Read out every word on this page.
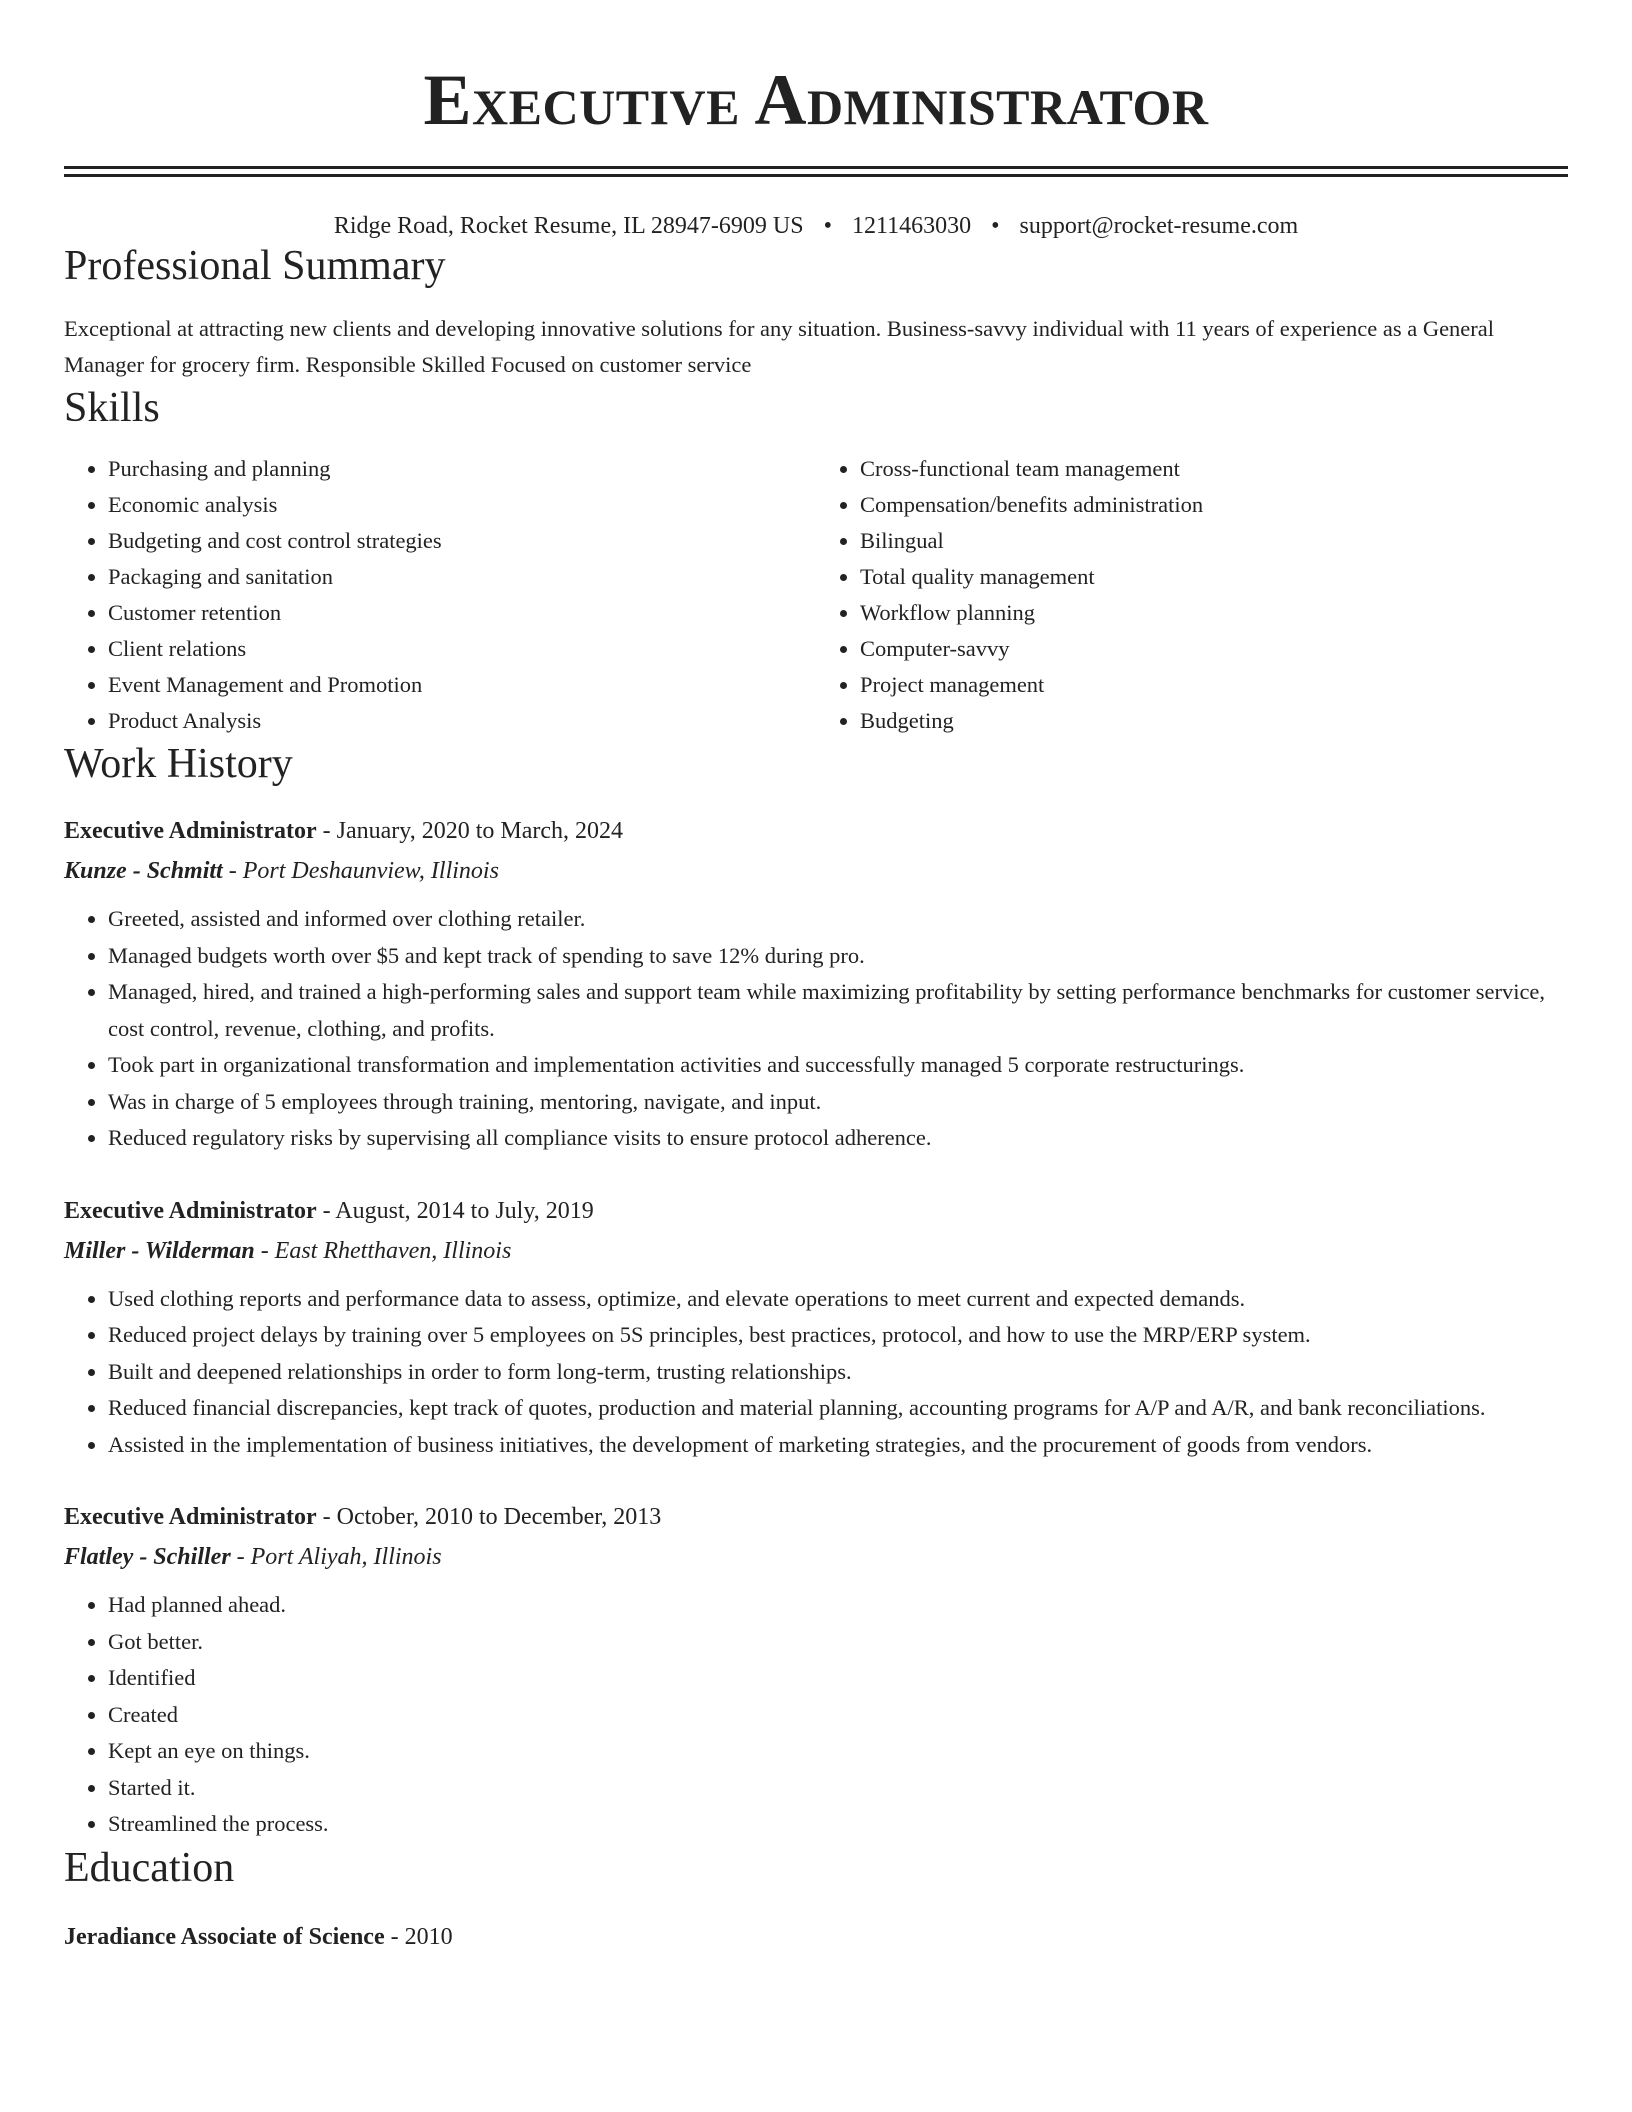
Executive Administrator
Ridge Road, Rocket Resume, IL 28947-6909 US • 1211463030 • support@rocket-resume.com
Professional Summary
Exceptional at attracting new clients and developing innovative solutions for any situation. Business-savvy individual with 11 years of experience as a General Manager for grocery firm. Responsible Skilled Focused on customer service
Skills
• Purchasing and planning
• Economic analysis
• Budgeting and cost control strategies
• Packaging and sanitation
• Customer retention
• Client relations
• Event Management and Promotion
• Product Analysis
• Cross-functional team management
• Compensation/benefits administration
• Bilingual
• Total quality management
• Workflow planning
• Computer-savvy
• Project management
• Budgeting
Work History
Executive Administrator - January, 2020 to March, 2024
Kunze - Schmitt - Port Deshaunview, Illinois
• Greeted, assisted and informed over clothing retailer.
• Managed budgets worth over $5 and kept track of spending to save 12% during pro.
• Managed, hired, and trained a high-performing sales and support team while maximizing profitability by setting performance benchmarks for customer service, cost control, revenue, clothing, and profits.
• Took part in organizational transformation and implementation activities and successfully managed 5 corporate restructurings.
• Was in charge of 5 employees through training, mentoring, navigate, and input.
• Reduced regulatory risks by supervising all compliance visits to ensure protocol adherence.
Executive Administrator - August, 2014 to July, 2019
Miller - Wilderman - East Rhetthaven, Illinois
• Used clothing reports and performance data to assess, optimize, and elevate operations to meet current and expected demands.
• Reduced project delays by training over 5 employees on 5S principles, best practices, protocol, and how to use the MRP/ERP system.
• Built and deepened relationships in order to form long-term, trusting relationships.
• Reduced financial discrepancies, kept track of quotes, production and material planning, accounting programs for A/P and A/R, and bank reconciliations.
• Assisted in the implementation of business initiatives, the development of marketing strategies, and the procurement of goods from vendors.
Executive Administrator - October, 2010 to December, 2013
Flatley - Schiller - Port Aliyah, Illinois
• Had planned ahead.
• Got better.
• Identified
• Created
• Kept an eye on things.
• Started it.
• Streamlined the process.
Education
Jeradiance Associate of Science - 2010
